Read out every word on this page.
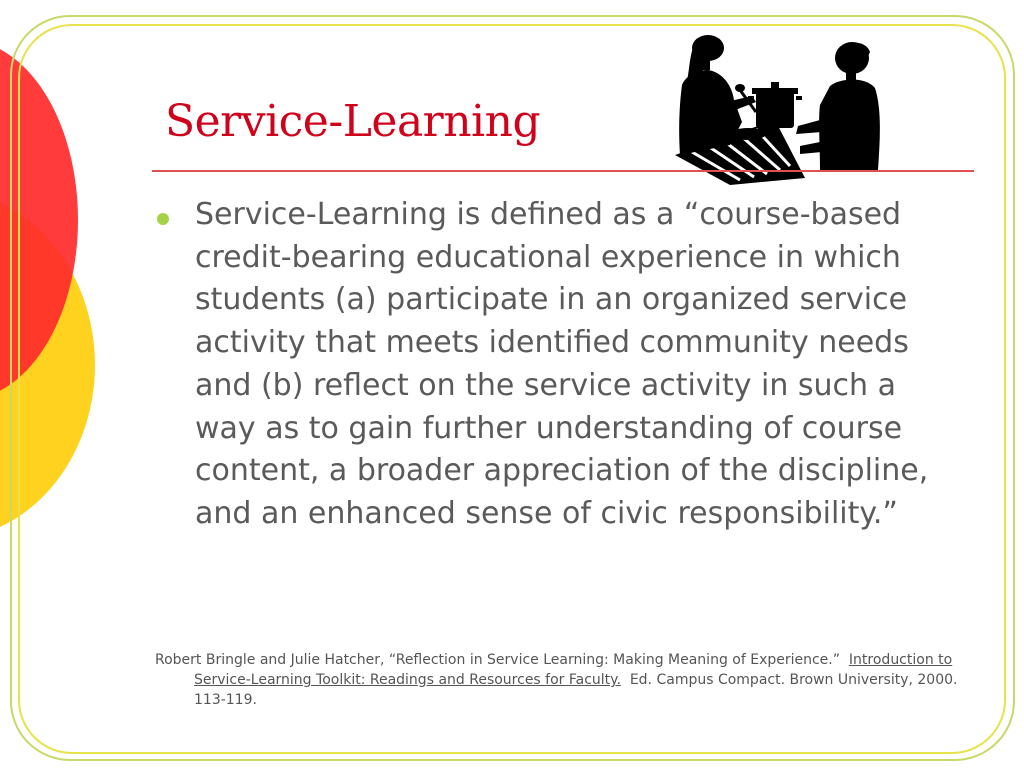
Service-Learning
Service-Learning is defined as a “course-based credit-bearing educational experience in which students (a) participate in an organized service activity that meets identified community needs and (b) reflect on the service activity in such a way as to gain further understanding of course content, a broader appreciation of the discipline, and an enhanced sense of civic responsibility.”
Robert Bringle and Julie Hatcher, “Reflection in Service Learning: Making Meaning of Experience.” Introduction to Service-Learning Toolkit: Readings and Resources for Faculty. Ed. Campus Compact. Brown University, 2000. 113-119.
